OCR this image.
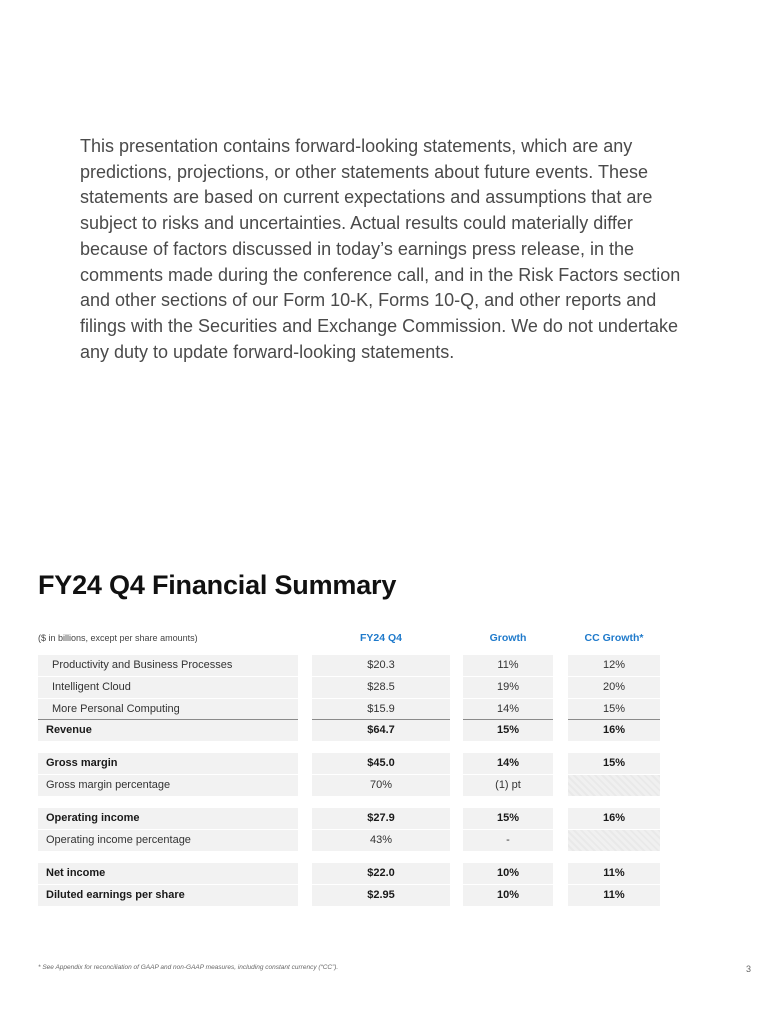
This presentation contains forward-looking statements, which are any predictions, projections, or other statements about future events. These statements are based on current expectations and assumptions that are subject to risks and uncertainties. Actual results could materially differ because of factors discussed in today’s earnings press release, in the comments made during the conference call, and in the Risk Factors section and other sections of our Form 10-K, Forms 10-Q, and other reports and filings with the Securities and Exchange Commission. We do not undertake any duty to update forward-looking statements.

FY24 Q4 Financial Summary
($ in billions, except per share amounts)	FY24 Q4	Growth	CC Growth*
Productivity and Business Processes	$20.3	11%	12%
Intelligent Cloud	$28.5	19%	20%
More Personal Computing	$15.9	14%	15%
Revenue	$64.7	15%	16%
Gross margin	$45.0	14%	15%
Gross margin percentage	70%	(1) pt
Operating income	$27.9	15%	16%
Operating income percentage	43%	-
Net income	$22.0	10%	11%
Diluted earnings per share	$2.95	10%	11%
* See Appendix for reconciliation of GAAP and non-GAAP measures, including constant currency (“CC”).	3
